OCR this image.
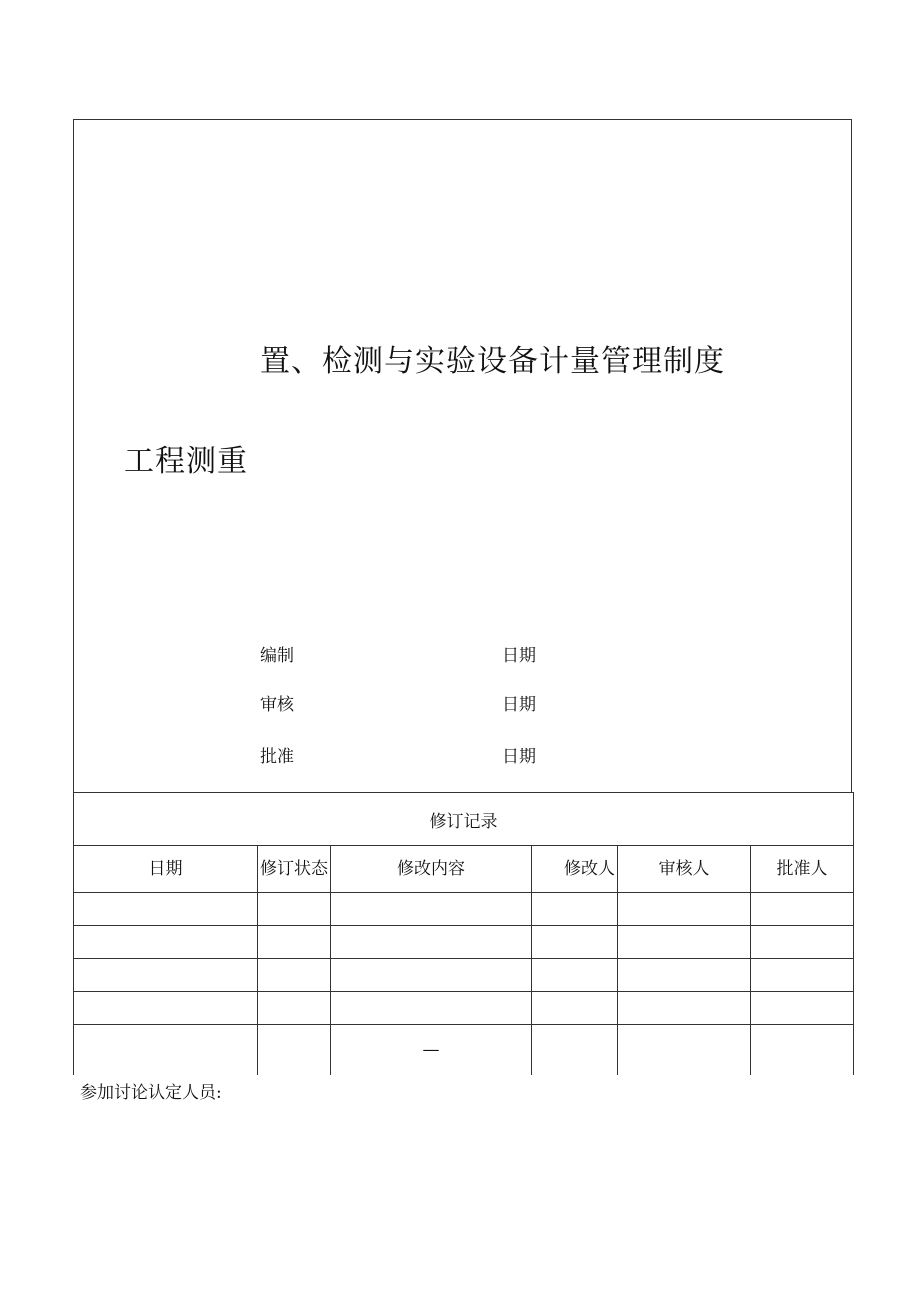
置、检测与实验设备计量管理制度
工程测重
编制	日期
审核	日期
批准	日期
修订记录					
日期	修订状态	修改内容	修改人	审核人	批准人

		—			
参加讨论认定人员:
